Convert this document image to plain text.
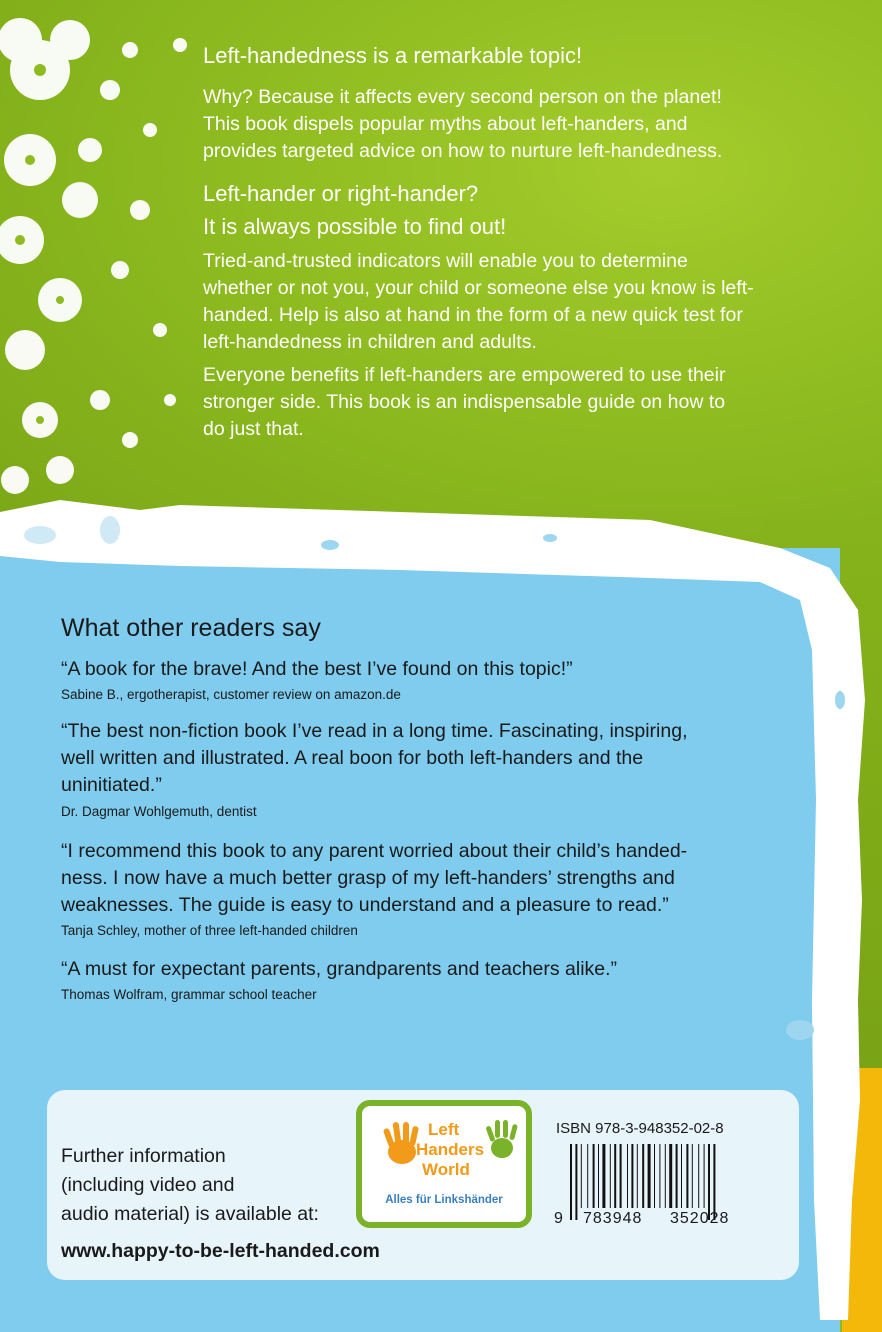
Left-handedness is a remarkable topic!
Why? Because it affects every second person on the planet!
This book dispels popular myths about left-handers, and
provides targeted advice on how to nurture left-handedness.
Left-hander or right-hander?
It is always possible to find out!
Tried-and-trusted indicators will enable you to determine
whether or not you, your child or someone else you know is left-
handed. Help is also at hand in the form of a new quick test for
left-handedness in children and adults.
Everyone benefits if left-handers are empowered to use their
stronger side. This book is an indispensable guide on how to
do just that.
What other readers say
“A book for the brave! And the best I’ve found on this topic!”
Sabine B., ergotherapist, customer review on amazon.de
“The best non-fiction book I’ve read in a long time. Fascinating, inspiring,
well written and illustrated. A real boon for both left-handers and the
uninitiated.”
Dr. Dagmar Wohlgemuth, dentist
“I recommend this book to any parent worried about their child’s handed-
ness. I now have a much better grasp of my left-handers’ strengths and
weaknesses. The guide is easy to understand and a pleasure to read.”
Tanja Schley, mother of three left-handed children
“A must for expectant parents, grandparents and teachers alike.”
Thomas Wolfram, grammar school teacher
Further information
(including video and
audio material) is available at:
www.happy-to-be-left-handed.com
Left
Handers
World
Alles für Linkshänder
ISBN 978-3-948352-02-8
9 783948 352028
